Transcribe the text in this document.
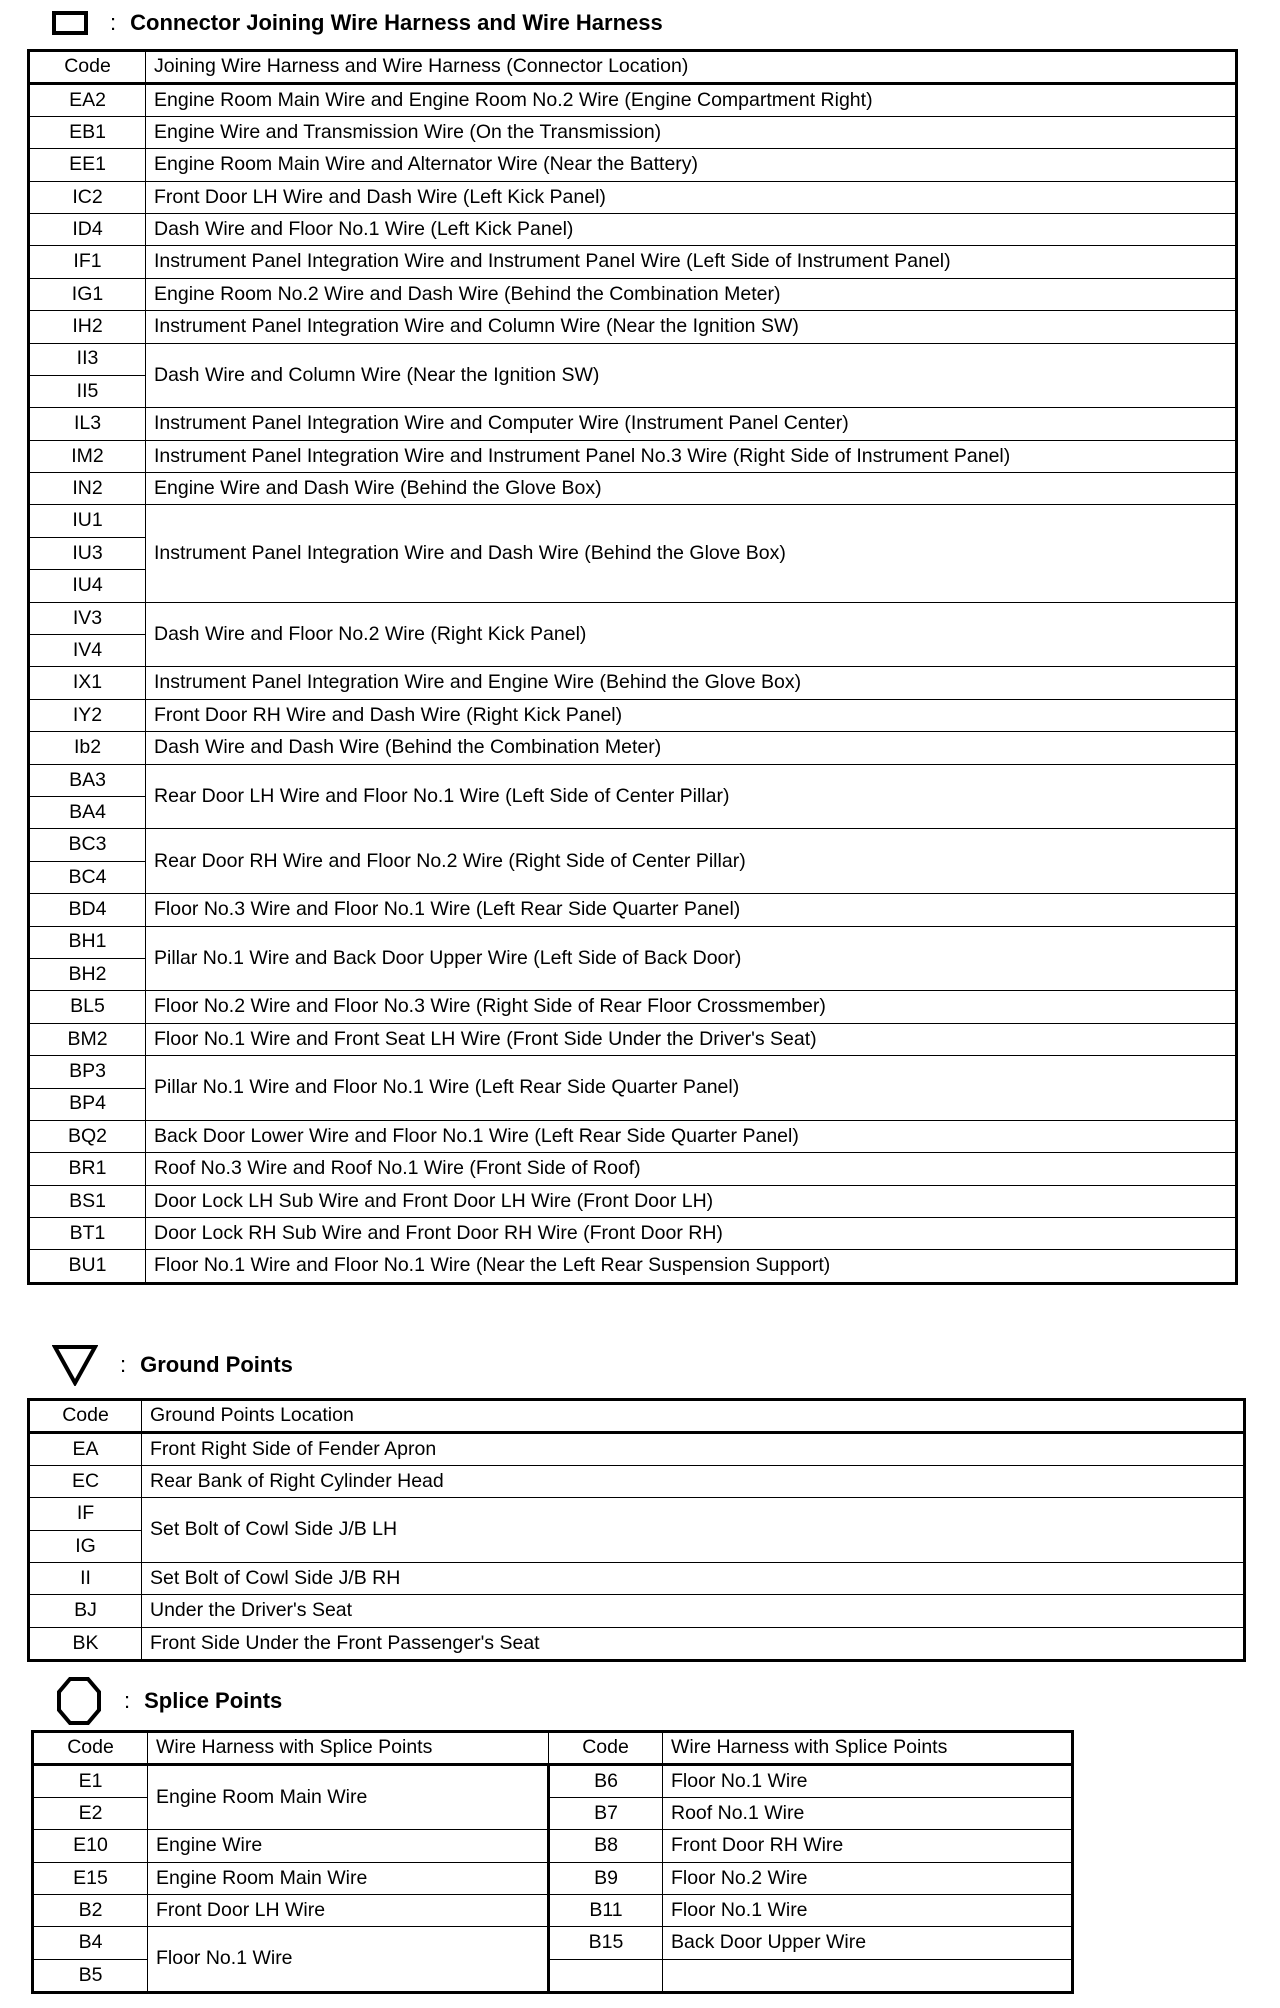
: Connector Joining Wire Harness and Wire Harness
Code	Joining Wire Harness and Wire Harness (Connector Location)
EA2	Engine Room Main Wire and Engine Room No.2 Wire (Engine Compartment Right)
EB1	Engine Wire and Transmission Wire (On the Transmission)
EE1	Engine Room Main Wire and Alternator Wire (Near the Battery)
IC2	Front Door LH Wire and Dash Wire (Left Kick Panel)
ID4	Dash Wire and Floor No.1 Wire (Left Kick Panel)
IF1	Instrument Panel Integration Wire and Instrument Panel Wire (Left Side of Instrument Panel)
IG1	Engine Room No.2 Wire and Dash Wire (Behind the Combination Meter)
IH2	Instrument Panel Integration Wire and Column Wire (Near the Ignition SW)
II3	Dash Wire and Column Wire (Near the Ignition SW)
II5	
IL3	Instrument Panel Integration Wire and Computer Wire (Instrument Panel Center)
IM2	Instrument Panel Integration Wire and Instrument Panel No.3 Wire (Right Side of Instrument Panel)
IN2	Engine Wire and Dash Wire (Behind the Glove Box)
IU1	Instrument Panel Integration Wire and Dash Wire (Behind the Glove Box)
IU3	
IU4	
IV3	Dash Wire and Floor No.2 Wire (Right Kick Panel)
IV4	
IX1	Instrument Panel Integration Wire and Engine Wire (Behind the Glove Box)
IY2	Front Door RH Wire and Dash Wire (Right Kick Panel)
Ib2	Dash Wire and Dash Wire (Behind the Combination Meter)
BA3	Rear Door LH Wire and Floor No.1 Wire (Left Side of Center Pillar)
BA4	
BC3	Rear Door RH Wire and Floor No.2 Wire (Right Side of Center Pillar)
BC4	
BD4	Floor No.3 Wire and Floor No.1 Wire (Left Rear Side Quarter Panel)
BH1	Pillar No.1 Wire and Back Door Upper Wire (Left Side of Back Door)
BH2	
BL5	Floor No.2 Wire and Floor No.3 Wire (Right Side of Rear Floor Crossmember)
BM2	Floor No.1 Wire and Front Seat LH Wire (Front Side Under the Driver's Seat)
BP3	Pillar No.1 Wire and Floor No.1 Wire (Left Rear Side Quarter Panel)
BP4	
BQ2	Back Door Lower Wire and Floor No.1 Wire (Left Rear Side Quarter Panel)
BR1	Roof No.3 Wire and Roof No.1 Wire (Front Side of Roof)
BS1	Door Lock LH Sub Wire and Front Door LH Wire (Front Door LH)
BT1	Door Lock RH Sub Wire and Front Door RH Wire (Front Door RH)
BU1	Floor No.1 Wire and Floor No.1 Wire (Near the Left Rear Suspension Support)
: Ground Points
Code	Ground Points Location
EA	Front Right Side of Fender Apron
EC	Rear Bank of Right Cylinder Head
IF	Set Bolt of Cowl Side J/B LH
IG	
II	Set Bolt of Cowl Side J/B RH
BJ	Under the Driver's Seat
BK	Front Side Under the Front Passenger's Seat
: Splice Points
Code	Wire Harness with Splice Points	Code	Wire Harness with Splice Points
E1	Engine Room Main Wire	B6	Floor No.1 Wire
E2		B7	Roof No.1 Wire
E10	Engine Wire	B8	Front Door RH Wire
E15	Engine Room Main Wire	B9	Floor No.2 Wire
B2	Front Door LH Wire	B11	Floor No.1 Wire
B4	Floor No.1 Wire	B15	Back Door Upper Wire
B5			
